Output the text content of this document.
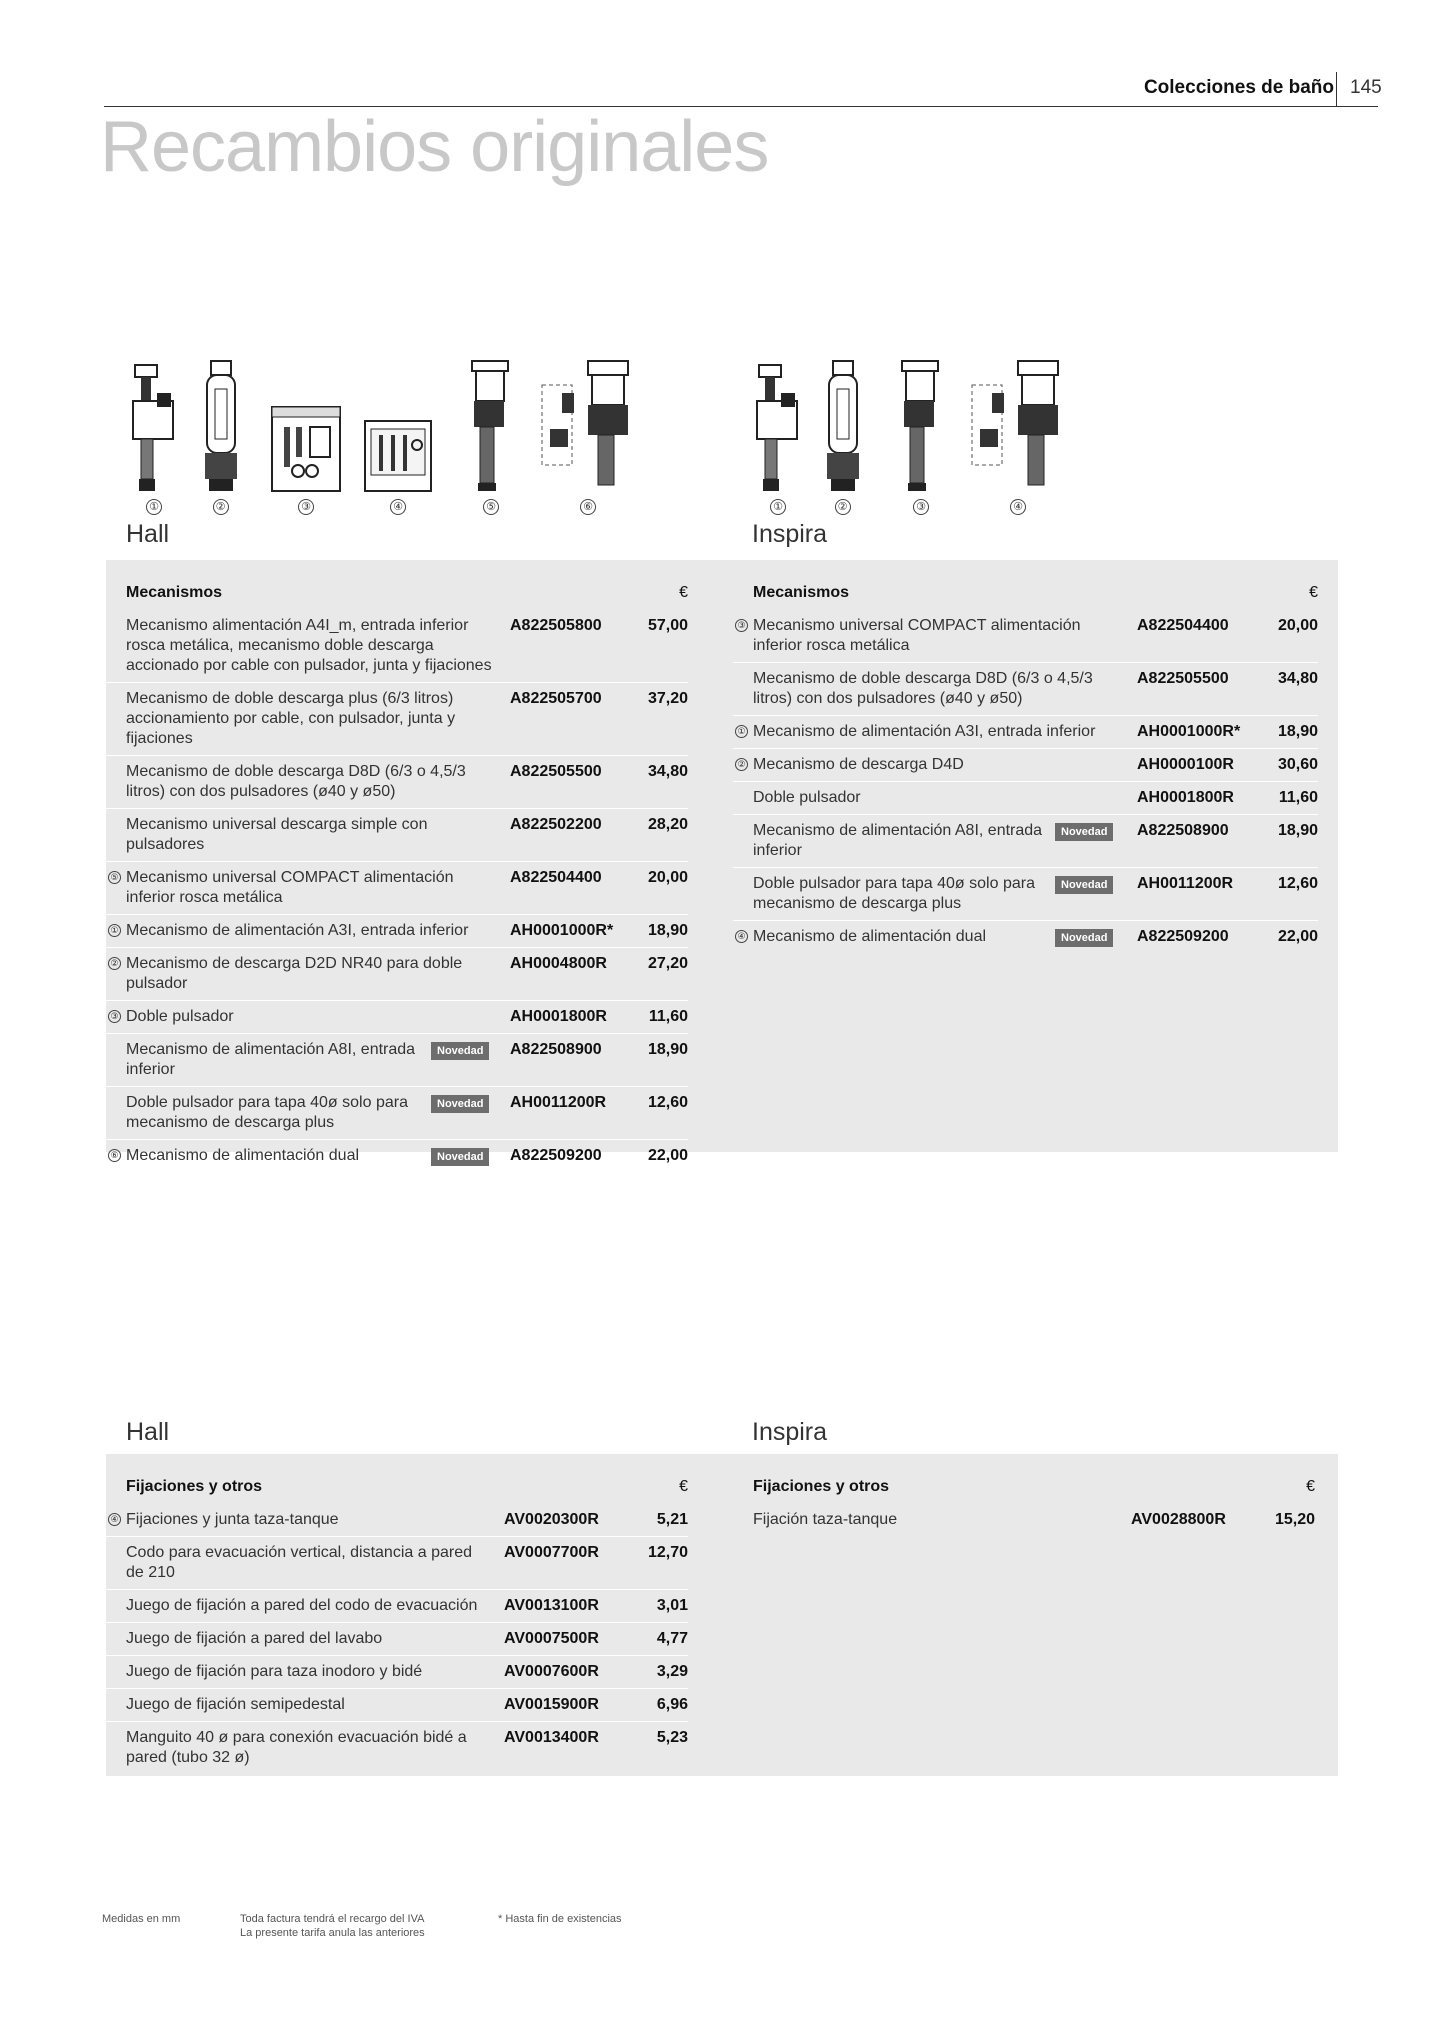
Colecciones de baño 145
Recambios originales
①	②	③	④	⑤	⑥	①	②	③	④
Hall	Inspira
Mecanismos	€
Mecanismo alimentación A4I_m, entrada inferior rosca metálica, mecanismo doble descarga accionado por cable con pulsador, junta y fijaciones
A822505800	57,00
Mecanismo de doble descarga plus (6/3 litros) accionamiento por cable, con pulsador, junta y fijaciones
A822505700	37,20
Mecanismo de doble descarga D8D (6/3 o 4,5/3 litros) con dos pulsadores (ø40 y ø50)
A822505500	34,80
Mecanismo universal descarga simple con pulsadores
A822502200	28,20
⑤ Mecanismo universal COMPACT alimentación inferior rosca metálica
A822504400	20,00
① Mecanismo de alimentación A3I, entrada inferior	AH0001000R* 18,90
② Mecanismo de descarga D2D NR40 para doble pulsador
AH0004800R	27,20
③ Doble pulsador	AH0001800R	11,60
Mecanismo de alimentación A8I, entrada inferior
Novedad	A822508900	18,90
Doble pulsador para tapa 40ø solo para mecanismo de descarga plus
Novedad	AH0011200R	12,60
⑥ Mecanismo de alimentación dual	Novedad	A822509200	22,00
Mecanismos	€
③ Mecanismo universal COMPACT alimentación inferior rosca metálica
A822504400	20,00
Mecanismo de doble descarga D8D (6/3 o 4,5/3 litros) con dos pulsadores (ø40 y ø50)
A822505500	34,80
① Mecanismo de alimentación A3I, entrada inferior	AH0001000R* 18,90
② Mecanismo de descarga D4D	AH0000100R	30,60
Doble pulsador	AH0001800R	11,60
Mecanismo de alimentación A8I, entrada inferior
Novedad	A822508900	18,90
Doble pulsador para tapa 40ø solo para mecanismo de descarga plus
Novedad	AH0011200R	12,60
④ Mecanismo de alimentación dual	Novedad	A822509200	22,00
Hall	Inspira
Fijaciones y otros	€
④ Fijaciones y junta taza-tanque	AV0020300R	5,21
Codo para evacuación vertical, distancia a pared de 210
AV0007700R	12,70
Juego de fijación a pared del codo de evacuación	AV0013100R	3,01
Juego de fijación a pared del lavabo	AV0007500R	4,77
Juego de fijación para taza inodoro y bidé	AV0007600R	3,29
Juego de fijación semipedestal	AV0015900R	6,96
Manguito 40 ø para conexión evacuación bidé a pared (tubo 32 ø)
AV0013400R	5,23
Fijaciones y otros	€
Fijación taza-tanque	AV0028800R	15,20
Medidas en mm	Toda factura tendrá el recargo del IVA
La presente tarifa anula las anteriores
* Hasta fin de existencias
